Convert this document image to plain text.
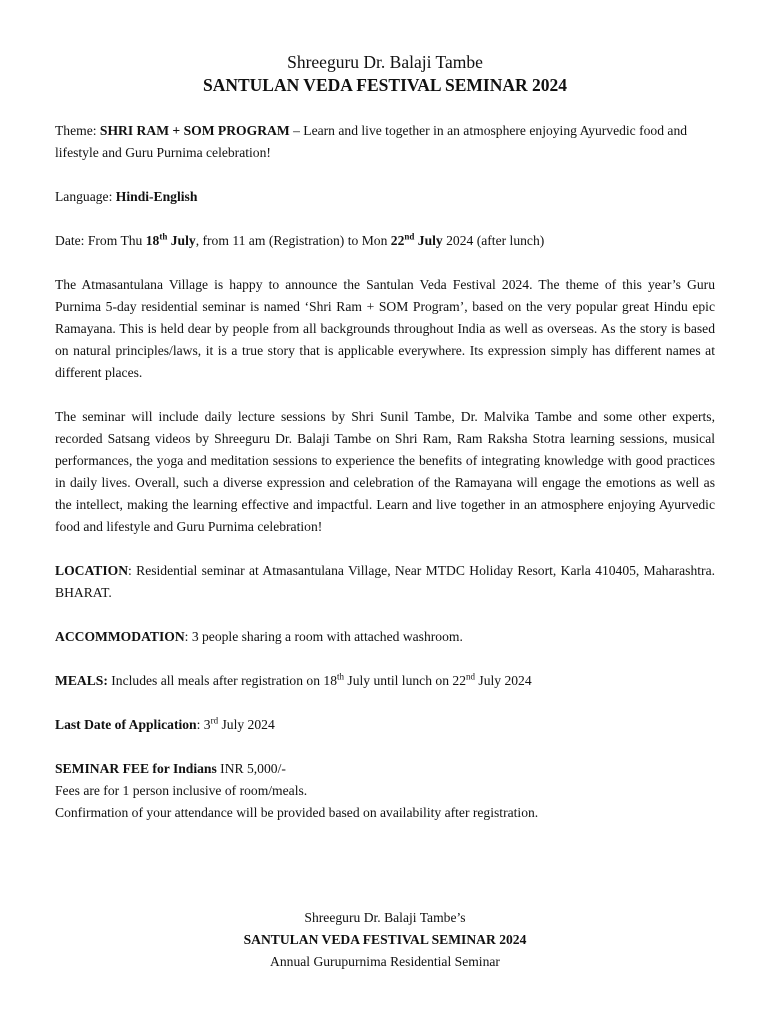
Shreeguru Dr. Balaji Tambe
SANTULAN VEDA FESTIVAL SEMINAR 2024

Theme: SHRI RAM + SOM PROGRAM – Learn and live together in an atmosphere enjoying Ayurvedic food and lifestyle and Guru Purnima celebration!

Language: Hindi-English

Date: From Thu 18th July, from 11 am (Registration) to Mon 22nd July 2024 (after lunch)

The Atmasantulana Village is happy to announce the Santulan Veda Festival 2024. The theme of this year’s Guru Purnima 5-day residential seminar is named ‘Shri Ram + SOM Program’, based on the very popular great Hindu epic Ramayana. This is held dear by people from all backgrounds throughout India as well as overseas. As the story is based on natural principles/laws, it is a true story that is applicable everywhere. Its expression simply has different names at different places.

The seminar will include daily lecture sessions by Shri Sunil Tambe, Dr. Malvika Tambe and some other experts, recorded Satsang videos by Shreeguru Dr. Balaji Tambe on Shri Ram, Ram Raksha Stotra learning sessions, musical performances, the yoga and meditation sessions to experience the benefits of integrating knowledge with good practices in daily lives. Overall, such a diverse expression and celebration of the Ramayana will engage the emotions as well as the intellect, making the learning effective and impactful. Learn and live together in an atmosphere enjoying Ayurvedic food and lifestyle and Guru Purnima celebration!

LOCATION: Residential seminar at Atmasantulana Village, Near MTDC Holiday Resort, Karla 410405, Maharashtra. BHARAT.

ACCOMMODATION: 3 people sharing a room with attached washroom.

MEALS: Includes all meals after registration on 18th July until lunch on 22nd July 2024

Last Date of Application: 3rd July 2024

SEMINAR FEE for Indians INR 5,000/-
Fees are for 1 person inclusive of room/meals.
Confirmation of your attendance will be provided based on availability after registration.

Shreeguru Dr. Balaji Tambe’s
SANTULAN VEDA FESTIVAL SEMINAR 2024
Annual Gurupurnima Residential Seminar
